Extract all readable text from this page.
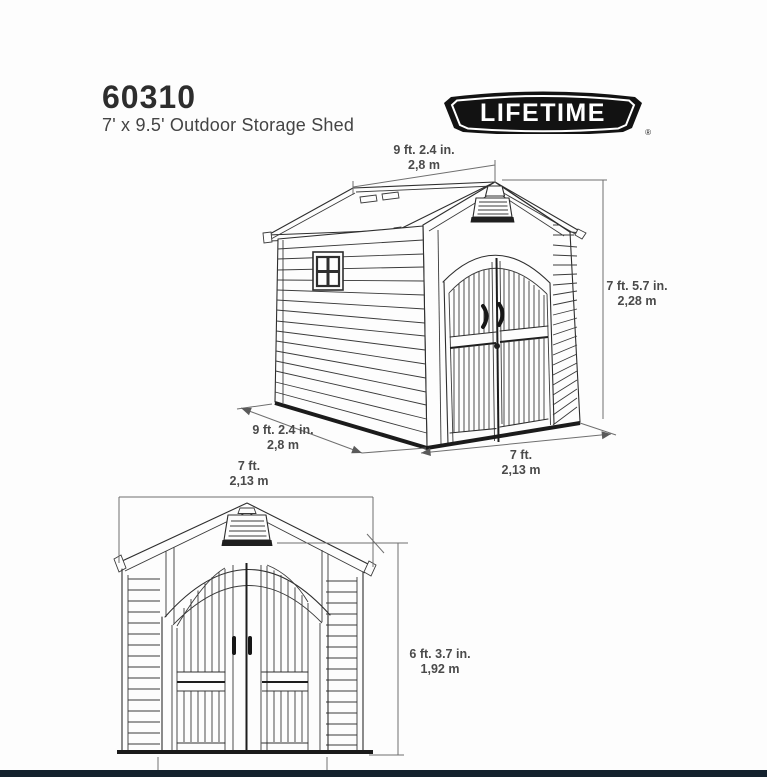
60310
7' x 9.5' Outdoor Storage Shed	LIFETIME
®
9 ft. 2.4 in.
2,8 m
7 ft. 5.7 in.
2,28 m
9 ft. 2.4 in.
2,8 m
7 ft.
2,13 m
7 ft.
2,13 m
6 ft. 3.7 in.
1,92 m
